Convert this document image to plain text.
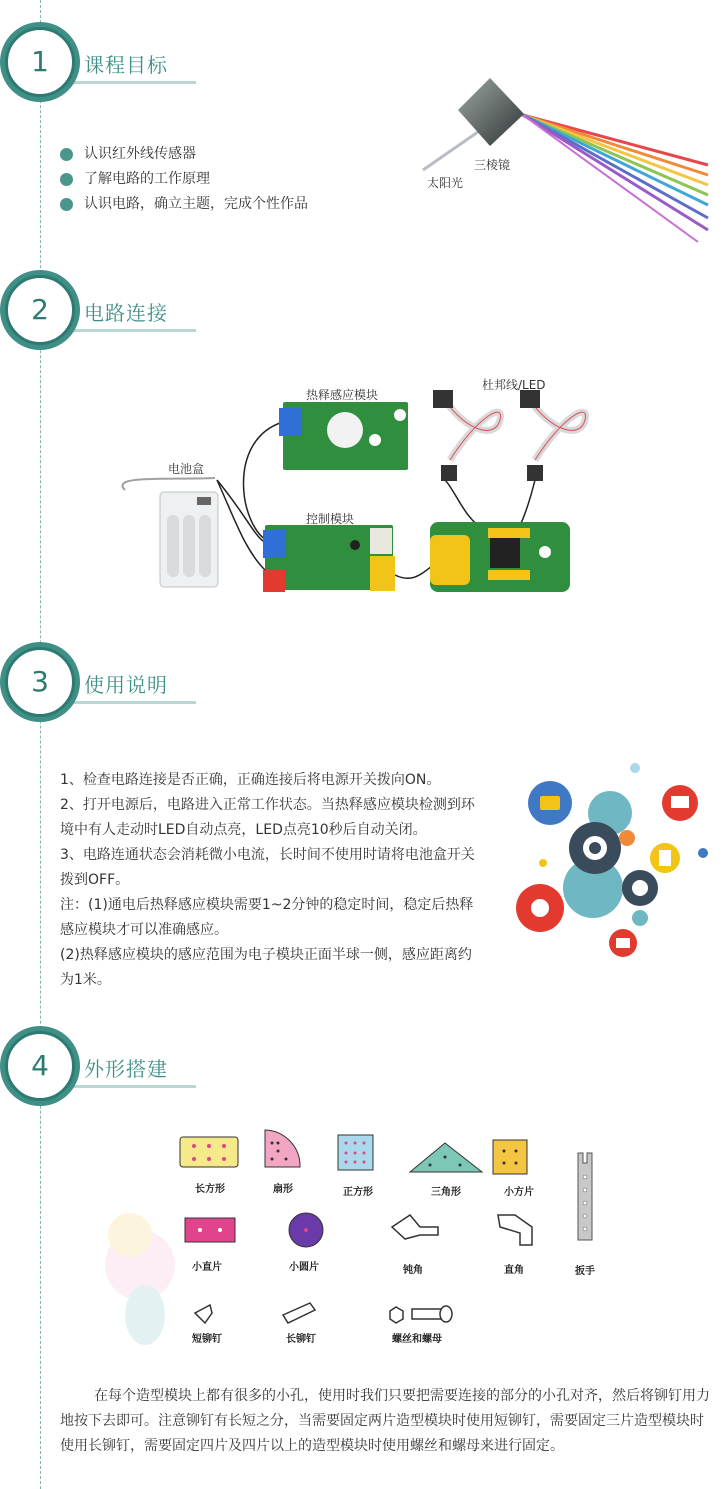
1	课程目标
认识红外线传感器
了解电路的工作原理
认识电路，确立主题，完成个性作品
三棱镜
太阳光
2	电路连接
热释感应模块
杜邦线/LED
电池盒
控制模块
3	使用说明

1、检查电路连接是否正确，正确连接后将电源开关拨向ON。

2、打开电源后，电路进入正常工作状态。当热释感应模块检测到环境中有人走动时LED自动点亮，LED点亮10秒后自动关闭。

3、电路连通状态会消耗微小电流，长时间不使用时请将电池盒开关拨到OFF。

注：(1)通电后热释感应模块需要1~2分钟的稳定时间，稳定后热释感应模块才可以准确感应。

(2)热释感应模块的感应范围为电子模块正面半球一侧，感应距离约为1米。

4	外形搭建
长方形	扇形	正方形	三角形	小方片
小直片	小圆片	钝角	直角	扳手
短铆钉	长铆钉	螺丝和螺母
在每个造型模块上都有很多的小孔，使用时我们只要把需要连接的部分的小孔对齐，然后将铆钉用力地按下去即可。注意铆钉有长短之分，当需要固定两片造型模块时使用短铆钉，需要固定三片造型模块时使用长铆钉，需要固定四片及四片以上的造型模块时使用螺丝和螺母来进行固定。
